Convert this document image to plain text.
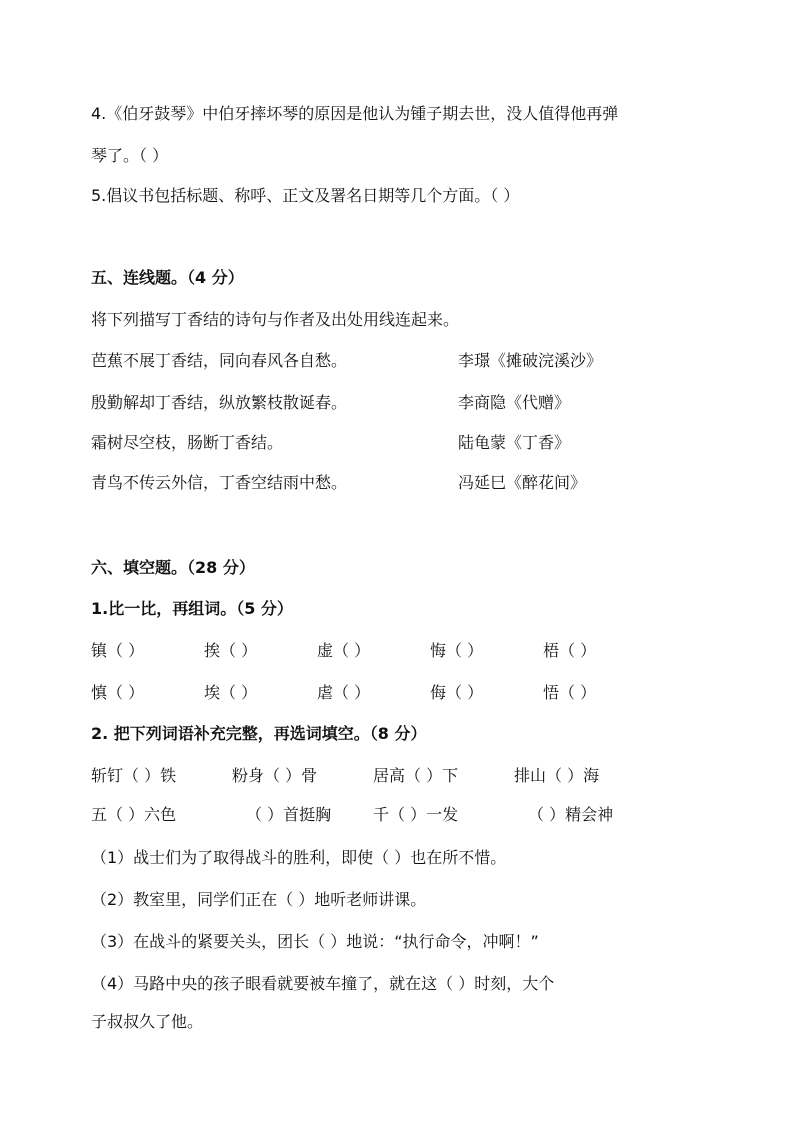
4.《伯牙鼓琴》中伯牙摔坏琴的原因是他认为锺子期去世，没人值得他再弹
琴了。（ ）
5.倡议书包括标题、称呼、正文及署名日期等几个方面。（ ）
五、连线题。（4 分）
将下列描写丁香结的诗句与作者及出处用线连起来。
芭蕉不展丁香结，同向春风各自愁。	李璟《摊破浣溪沙》
殷勤解却丁香结，纵放繁枝散诞春。	李商隐《代赠》
霜树尽空枝，肠断丁香结。	陆龟蒙《丁香》
青鸟不传云外信，丁香空结雨中愁。	冯延巳《醉花间》
六、填空题。（28 分）
1.比一比，再组词。（5 分）
镇（ ）	挨（ ）	虚（ ）	悔（ ）	梧（ ）
慎（ ）	埃（ ）	虐（ ）	侮（ ）	悟（ ）
2. 把下列词语补充完整，再选词填空。（8 分）
斩钉（ ）铁	粉身（ ）骨	居高（ ）下	排山（ ）海
五（ ）六色	（ ）首挺胸	千（ ）一发	（ ）精会神
（1）战士们为了取得战斗的胜利，即使（ ）也在所不惜。
（2）教室里，同学们正在（ ）地听老师讲课。
（3）在战斗的紧要关头，团长（ ）地说：“执行命令，冲啊！”
（4）马路中央的孩子眼看就要被车撞了，就在这（ ）时刻，大个
子叔叔久了他。
